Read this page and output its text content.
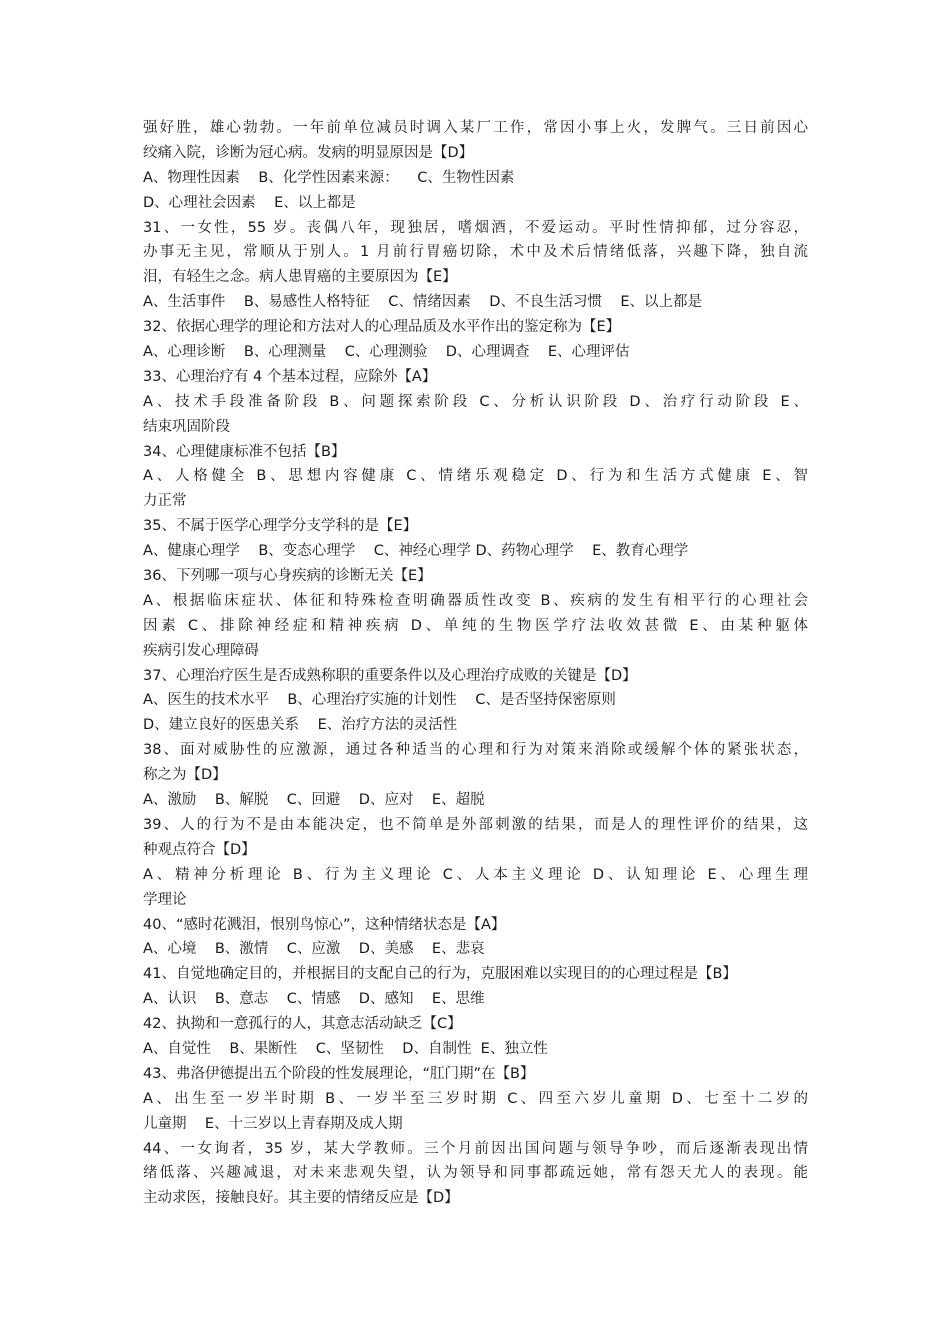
强好胜，雄心勃勃。一年前单位减员时调入某厂工作，常因小事上火，发脾气。三日前因心
绞痛入院，诊断为冠心病。发病的明显原因是【D】
A、物理性因素    B、化学性因素来源：    C、生物性因素
D、心理社会因素    E、以上都是
31、一女性，55 岁。丧偶八年，现独居，嗜烟酒，不爱运动。平时性情抑郁，过分容忍，
办事无主见，常顺从于别人。1 月前行胃癌切除，术中及术后情绪低落，兴趣下降，独自流
泪，有轻生之念。病人患胃癌的主要原因为【E】
A、生活事件    B、易感性人格特征    C、情绪因素    D、不良生活习惯    E、以上都是
32、依据心理学的理论和方法对人的心理品质及水平作出的鉴定称为【E】
A、心理诊断    B、心理测量    C、心理测验    D、心理调查    E、心理评估
33、心理治疗有 4 个基本过程，应除外【A】
A、技术手段准备阶段 B、问题探索阶段 C、分析认识阶段 D、治疗行动阶段 E、
结束巩固阶段
34、心理健康标准不包括【B】
A、人格健全 B、思想内容健康 C、情绪乐观稳定 D、行为和生活方式健康 E、智
力正常
35、不属于医学心理学分支学科的是【E】
A、健康心理学    B、变态心理学    C、神经心理学 D、药物心理学    E、教育心理学
36、下列哪一项与心身疾病的诊断无关【E】
A、根据临床症状、体征和特殊检查明确器质性改变 B、疾病的发生有相平行的心理社会
因素 C、排除神经症和精神疾病 D、单纯的生物医学疗法收效甚微 E、由某种躯体
疾病引发心理障碍
37、心理治疗医生是否成熟称职的重要条件以及心理治疗成败的关键是【D】
A、医生的技术水平    B、心理治疗实施的计划性    C、是否坚持保密原则
D、建立良好的医患关系    E、治疗方法的灵活性
38、面对威胁性的应激源，通过各种适当的心理和行为对策来消除或缓解个体的紧张状态，
称之为【D】
A、激励    B、解脱    C、回避    D、应对    E、超脱
39、人的行为不是由本能决定，也不简单是外部刺激的结果，而是人的理性评价的结果，这
种观点符合【D】
A、精神分析理论 B、行为主义理论 C、人本主义理论 D、认知理论 E、心理生理
学理论
40、“感时花溅泪，恨别鸟惊心”，这种情绪状态是【A】
A、心境    B、激情    C、应激    D、美感    E、悲哀
41、自觉地确定目的，并根据目的支配自己的行为，克服困难以实现目的的心理过程是【B】
A、认识    B、意志    C、情感    D、感知    E、思维
42、执拗和一意孤行的人，其意志活动缺乏【C】
A、自觉性    B、果断性    C、坚韧性    D、自制性  E、独立性
43、弗洛伊德提出五个阶段的性发展理论，“肛门期”在【B】
A、出生至一岁半时期 B、一岁半至三岁时期 C、四至六岁儿童期 D、七至十二岁的
儿童期    E、十三岁以上青春期及成人期
44、一女询者，35 岁，某大学教师。三个月前因出国问题与领导争吵，而后逐渐表现出情
绪低落、兴趣减退，对未来悲观失望，认为领导和同事都疏远她，常有怨天尤人的表现。能
主动求医，接触良好。其主要的情绪反应是【D】
